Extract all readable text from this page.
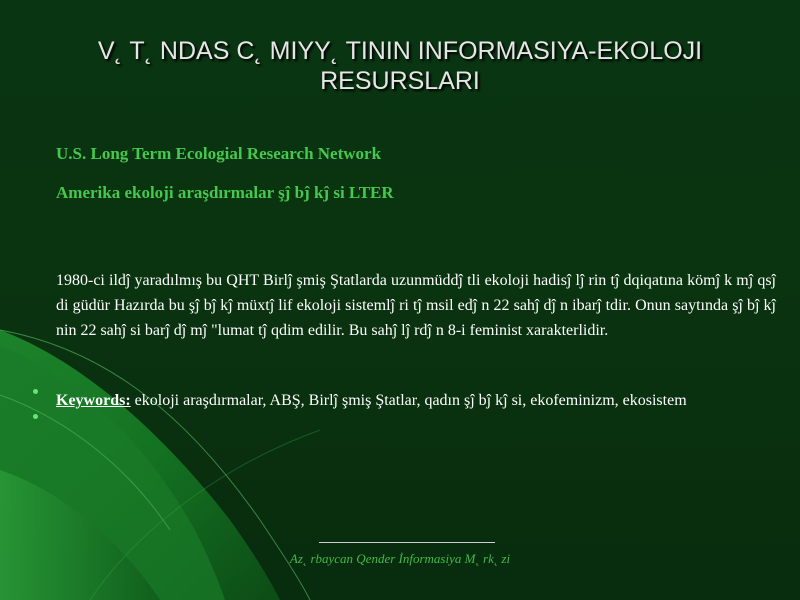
V˛ T˛ NDAS C˛ MIYY˛ TININ INFORMASIYA-EKOLOJI RESURSLARI
U.S. Long Term Ecologial Research Network
Amerika ekoloji araşdırmalar şĵ bĵ kĵ si LTER
1980-ci ildĵ yaradılmış bu QHT Birlĵ şmiş Ştatlarda uzunmüddĵ tli ekoloji hadisĵ lĵ rin tĵ dqiqatına kömĵ k mĵ qsĵ di güdür Hazırda bu şĵ bĵ kĵ müxtĵ lif ekoloji sistemlĵ ri tĵ msil edĵ n 22 sahĵ dĵ n ibarĵ tdir. Onun saytında şĵ bĵ kĵ nin 22 sahĵ si barĵ dĵ mĵ "lumat tĵ qdim edilir. Bu sahĵ lĵ rdĵ n 8-i feminist xarakterlidir.
Keywords: ekoloji araşdırmalar, ABŞ, Birlĵ şmiş Ştatlar, qadın şĵ bĵ kĵ si, ekofeminizm, ekosistem
Az˛ rbaycan Qender İnformasiya M˛ rk˛ zi
